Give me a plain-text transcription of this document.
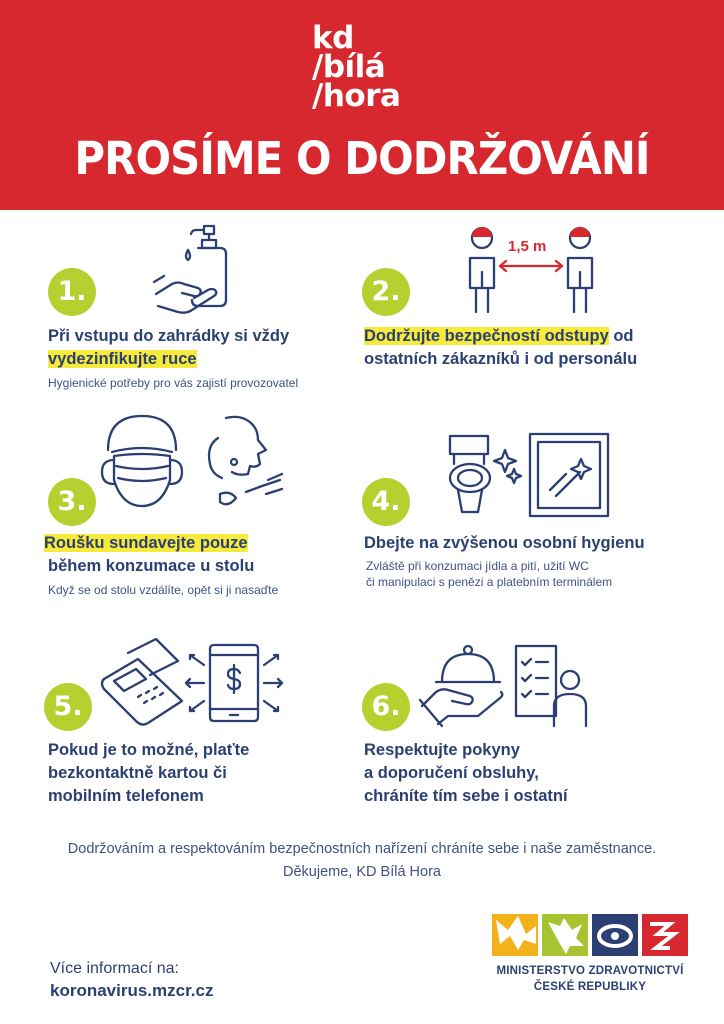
kd
/bílá
/hora
PROSÍME O DODRŽOVÁNÍ
1.
Při vstupu do zahrádky si vždy
vydezinfikujte ruce
Hygienické potřeby pro vás zajistí provozovatel
1,5 m
2.
Dodržujte bezpečností odstupy od
ostatních zákazníků i od personálu
3.
Roušku sundavejte pouze
během konzumace u stolu
Když se od stolu vzdálíte, opět si ji nasaďte
4.
Dbejte na zvýšenou osobní hygienu
Zvláště při konzumaci jídla a pití, užití WC
či manipulaci s penězi a platebním terminálem
5.
Pokud je to možné, plaťte
bezkontaktně kartou či
mobilním telefonem
6.
Respektujte pokyny
a doporučení obsluhy,
chráníte tím sebe i ostatní
Dodržováním a respektováním bezpečnostních nařízení chráníte sebe i naše zaměstnance.
Děkujeme, KD Bílá Hora
Více informací na:
koronavirus.mzcr.cz
MINISTERSTVO ZDRAVOTNICTVÍ
ČESKÉ REPUBLIKY
